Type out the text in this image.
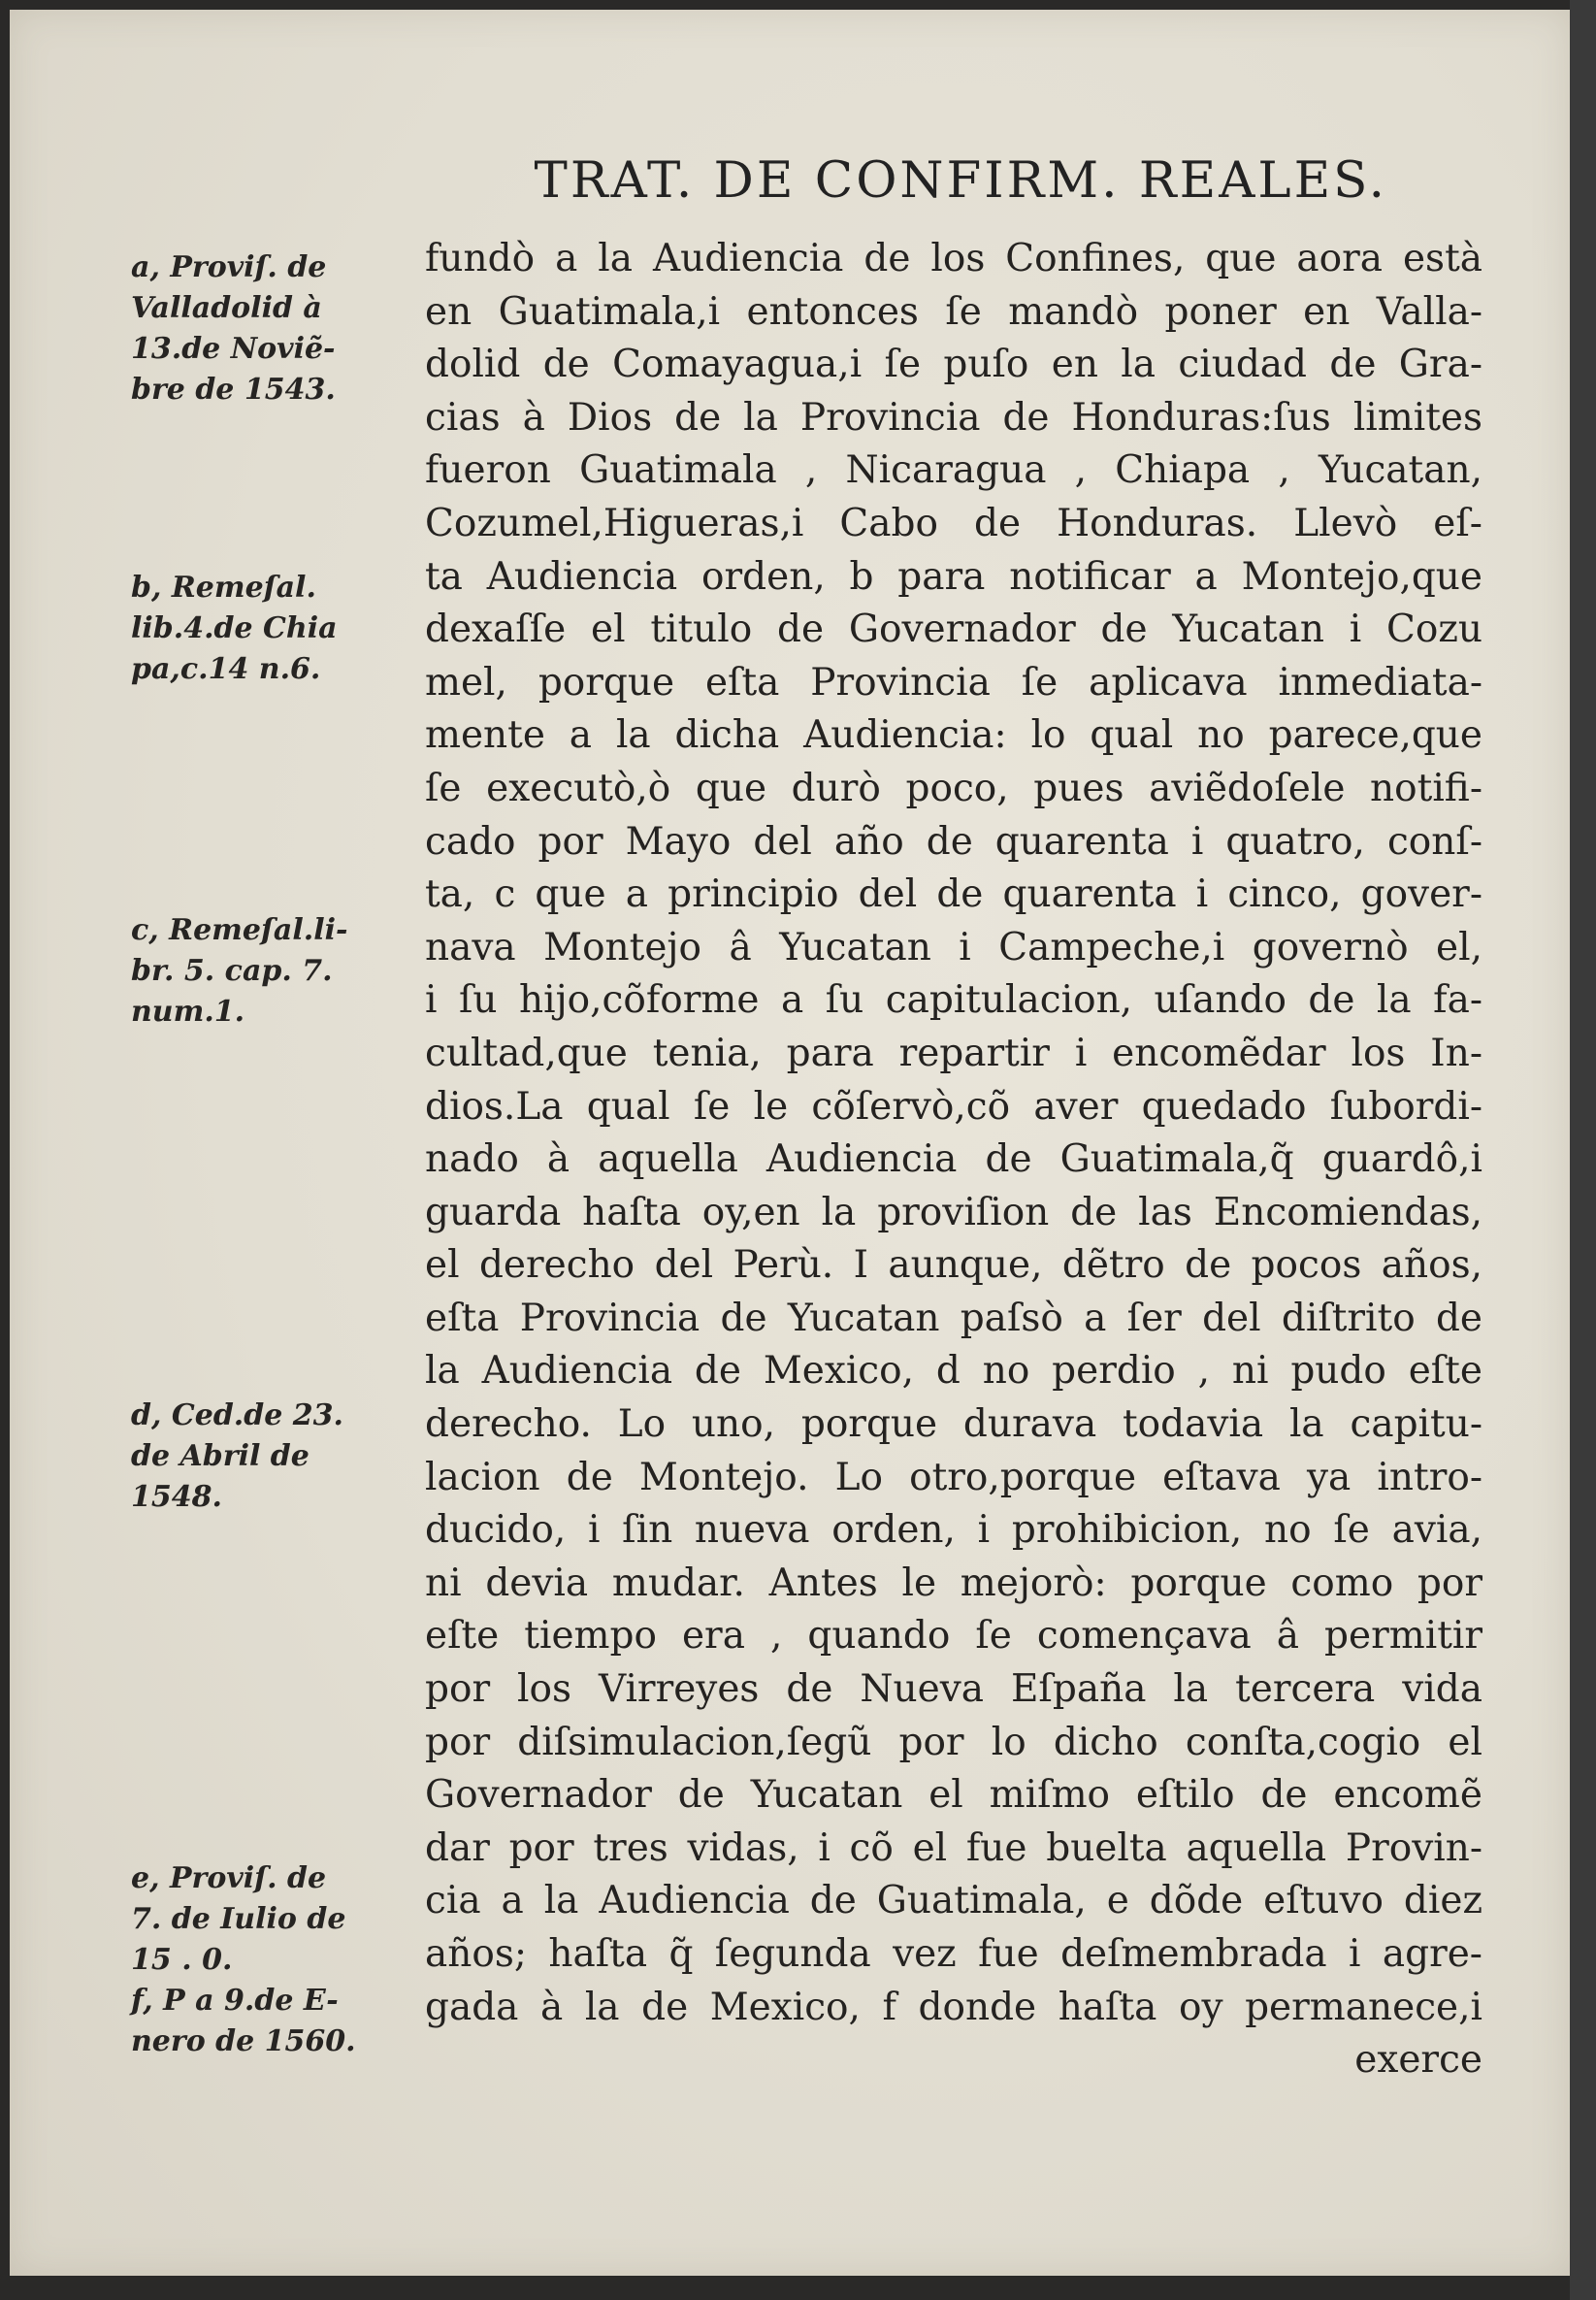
TRAT. DE CONFIRM. REALES.
fundò a la Audiencia de los Confines, que aora està
en Guatimala,i entonces ſe mandò poner en Valla-
dolid de Comayagua,i ſe puſo en la ciudad de Gra-
cias à Dios de la Provincia de Honduras:ſus limites
fueron Guatimala , Nicaragua , Chiapa , Yucatan,
Cozumel,Higueras,i Cabo de Honduras. Llevò eſ-
ta Audiencia orden, b para notificar a Montejo,que
dexaſſe el titulo de Governador de Yucatan i Cozu
mel, porque eſta Provincia ſe aplicava inmediata-
mente a la dicha Audiencia: lo qual no parece,que
ſe executò,ò que durò poco, pues aviẽdoſele notifi-
cado por Mayo del año de quarenta i quatro, conſ-
ta, c que a principio del de quarenta i cinco, gover-
nava Montejo â Yucatan i Campeche,i governò el,
i ſu hijo,cõforme a ſu capitulacion, uſando de la fa-
cultad,que tenia, para repartir i encomẽdar los In-
dios.La qual ſe le cõſervò,cõ aver quedado ſubordi-
nado à aquella Audiencia de Guatimala,q̃ guardô,i
guarda haſta oy,en la proviſion de las Encomiendas,
el derecho del Perù. I aunque, dẽtro de pocos años,
eſta Provincia de Yucatan paſsò a ſer del diſtrito de
la Audiencia de Mexico, d no perdio , ni pudo eſte
derecho. Lo uno, porque durava todavia la capitu-
lacion de Montejo. Lo otro,porque eſtava ya intro-
ducido, i ſin nueva orden, i prohibicion, no ſe avia,
ni devia mudar. Antes le mejorò: porque como por
eſte tiempo era , quando ſe començava â permitir
por los Virreyes de Nueva Eſpaña la tercera vida
por diſsimulacion,ſegũ por lo dicho conſta,cogio el
Governador de Yucatan el miſmo eſtilo de encomẽ
dar por tres vidas, i cõ el fue buelta aquella Provin-
cia a la Audiencia de Guatimala, e dõde eſtuvo diez
años; haſta q̃ ſegunda vez fue deſmembrada i agre-
gada à la de Mexico, f donde haſta oy permanece,i
exerce
a, Proviſ. de
Valladolid à
13.de Noviẽ-
bre de 1543.
b, Remeſal.
lib.4.de Chia
pa,c.14 n.6.
c, Remeſal.li-
br. 5. cap. 7.
num.1.
d, Ced.de 23.
de Abril de
1548.
e, Proviſ. de
7. de Iulio de
15 . 0.
f, P a 9.de E-
nero de 1560.
